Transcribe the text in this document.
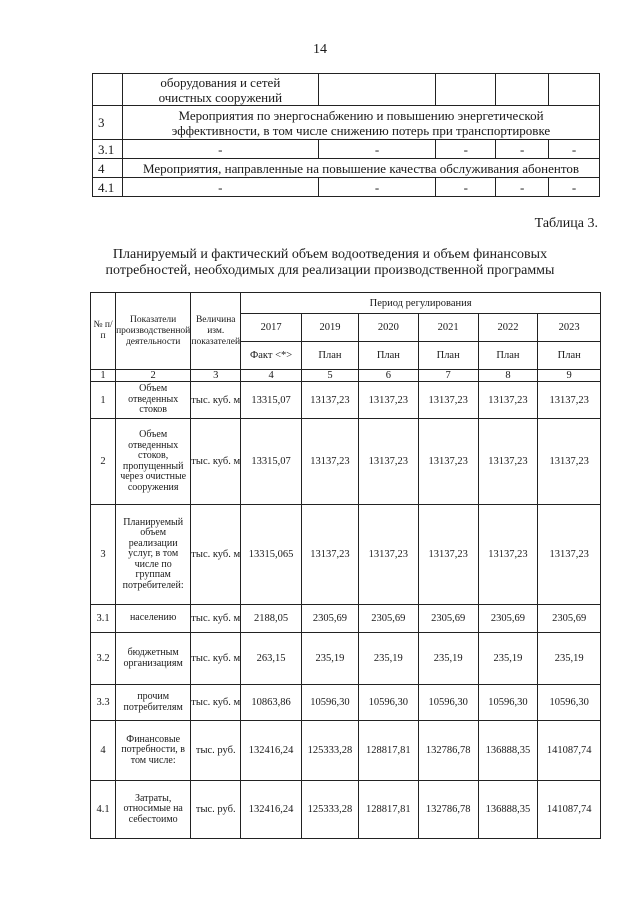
14

	оборудования и сетей
очистных сооружений				

3	Мероприятия по энергоснабжению и повышению энергетической
эффективности, в том числе снижению потерь при транспортировке				

3.1	-	-	-	-	-
4	Мероприятия, направленные на повышение качества обслуживания абонентов				
4.1	-	-	-	-	-
Таблица 3.
Планируемый и фактический объем водоотведения и объем финансовых
потребностей, необходимых для реализации производственной программы
№ п/п	Показатели производственной деятельности	Величина изм. показателей	Период регулирования					
			2017	2019	2020	2021	2022	2023
			Факт <*>	План	План	План	План	План
1	2	3	4	5	6	7	8	9
1	Объем отведенных стоков	тыс. куб. м	13315,07	13137,23	13137,23	13137,23	13137,23	13137,23
2	Объем отведенных стоков, пропущенный через очистные сооружения	тыс. куб. м	13315,07	13137,23	13137,23	13137,23	13137,23	13137,23
3	Планируемый объем реализации услуг, в том числе по группам потребителей:	тыс. куб. м	13315,065	13137,23	13137,23	13137,23	13137,23	13137,23
3.1	населению	тыс. куб. м	2188,05	2305,69	2305,69	2305,69	2305,69	2305,69
3.2	бюджетным организациям	тыс. куб. м	263,15	235,19	235,19	235,19	235,19	235,19
3.3	прочим потребителям	тыс. куб. м	10863,86	10596,30	10596,30	10596,30	10596,30	10596,30
4	Финансовые потребности, в том числе:	тыс. руб.	132416,24	125333,28	128817,81	132786,78	136888,35	141087,74
4.1	Затраты, относимые на себестоимо	тыс. руб.	132416,24	125333,28	128817,81	132786,78	136888,35	141087,74
